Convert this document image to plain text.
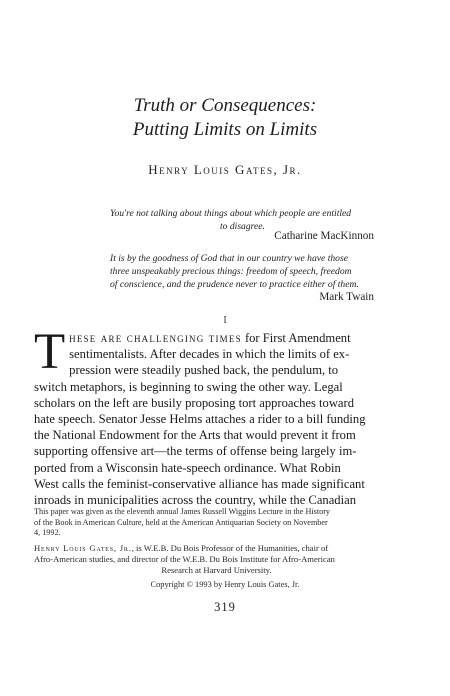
Truth or Consequences:
Putting Limits on Limits
Henry Louis Gates, Jr.
You're not talking about things about which people are entitled
to disagree.
Catharine MacKinnon
It is by the goodness of God that in our country we have those
three unspeakably precious things: freedom of speech, freedom
of conscience, and the prudence never to practice either of them.
Mark Twain
I
T hese are challenging times for First Amendment
sentimentalists. After decades in which the limits of ex-
pression were steadily pushed back, the pendulum, to
switch metaphors, is beginning to swing the other way. Legal
scholars on the left are busily proposing tort approaches toward
hate speech. Senator Jesse Helms attaches a rider to a bill funding
the National Endowment for the Arts that would prevent it from
supporting offensive art—the terms of offense being largely im-
ported from a Wisconsin hate-speech ordinance. What Robin
West calls the feminist-conservative alliance has made significant
inroads in municipalities across the country, while the Canadian
This paper was given as the eleventh annual James Russell Wiggins Lecture in the History
of the Book in American Culture, held at the American Antiquarian Society on November
4, 1992.
Henry Louis Gates, Jr., is W.E.B. Du Bois Professor of the Humanities, chair of
Afro-American studies, and director of the W.E.B. Du Bois Institute for Afro-American
Research at Harvard University.
Copyright © 1993 by Henry Louis Gates, Jr.
319
